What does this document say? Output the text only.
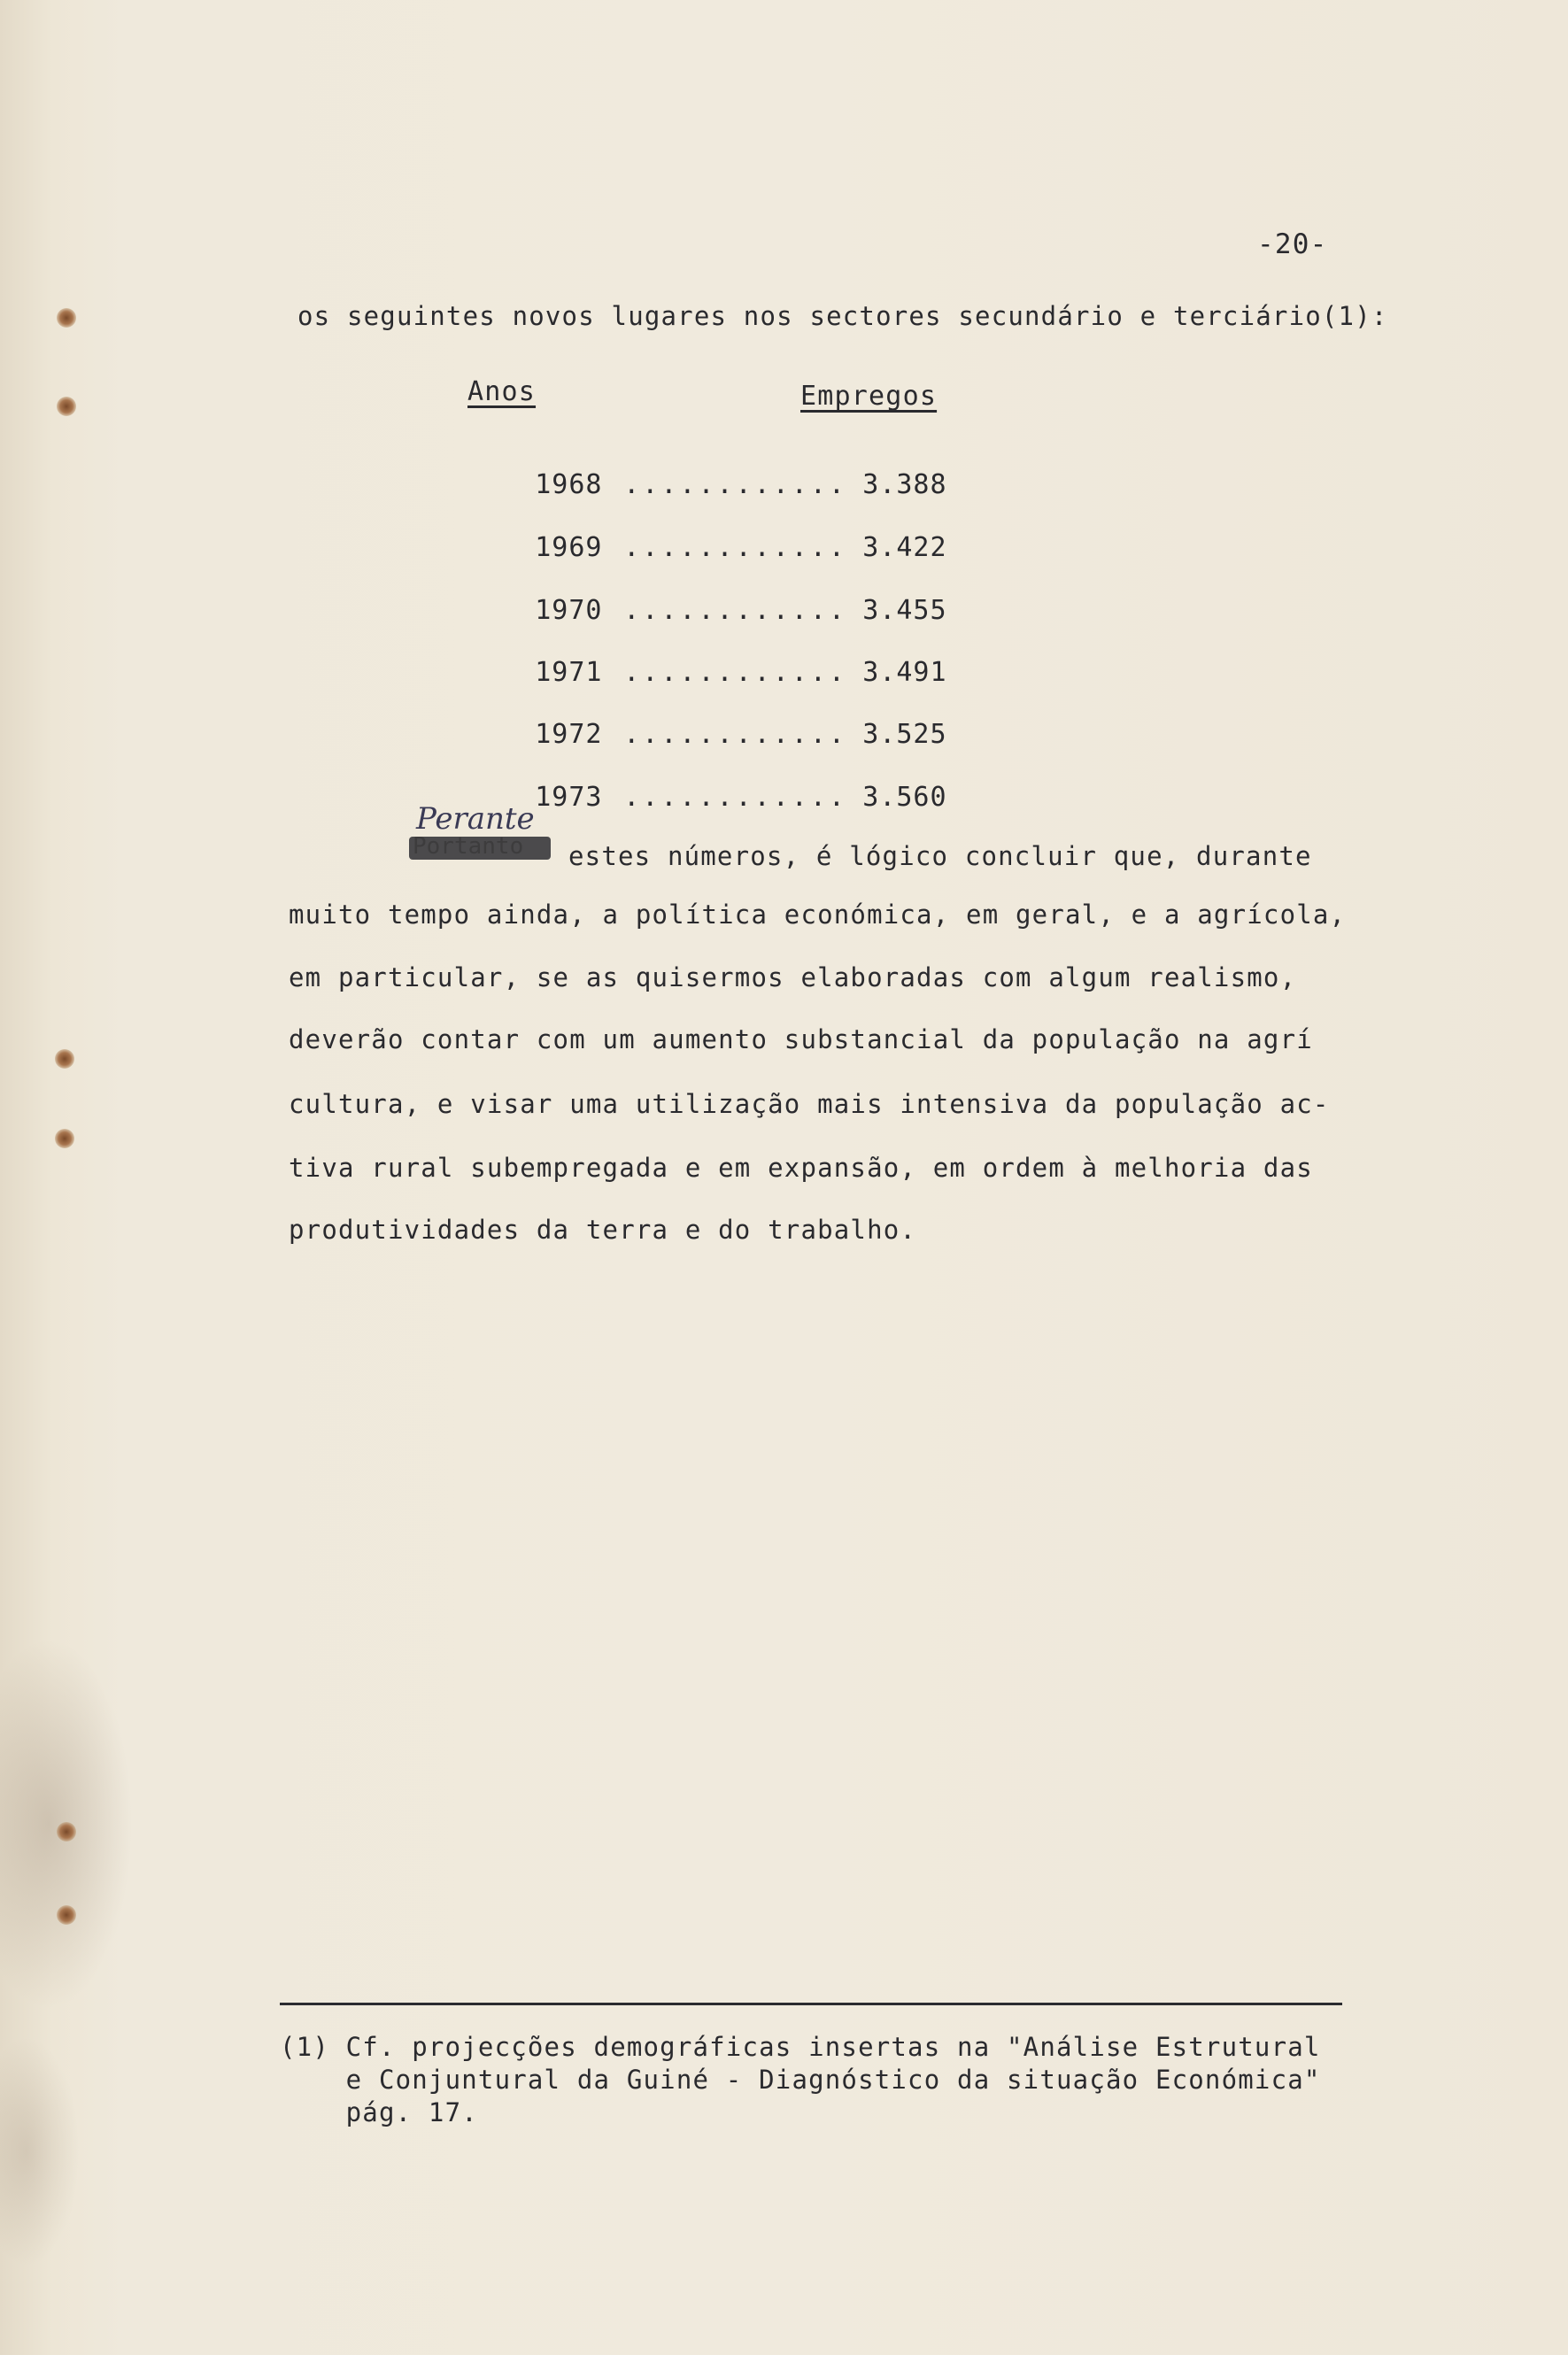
-20-
os seguintes novos lugares nos sectores secundário e terciário(1):
Anos	Empregos

1968 ............ 3.388

1969 ............ 3.422

1970 ............ 3.455

1971 ............ 3.491

1972 ............ 3.525

1973 ............ 3.560

Perante
Portanto estes números, é lógico concluir que, durante
muito tempo ainda, a política económica, em geral, e a agrícola,
em particular, se as quisermos elaboradas com algum realismo,
deverão contar com um aumento substancial da população na agrí
cultura, e visar uma utilização mais intensiva da população ac-
tiva rural subempregada e em expansão, em ordem à melhoria das
produtividades da terra e do trabalho.
(1) Cf. projecções demográficas insertas na "Análise Estrutural
e Conjuntural da Guiné - Diagnóstico da situação Económica"
pág. 17.
